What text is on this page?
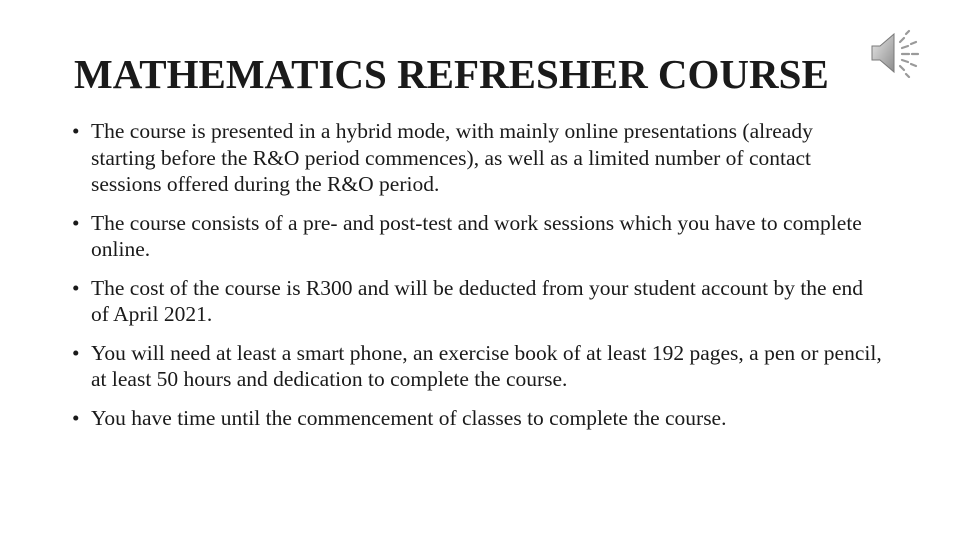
MATHEMATICS REFRESHER COURSE
• The course is presented in a hybrid mode, with mainly online presentations (already starting before the R&O period commences), as well as a limited number of contact sessions offered during the R&O period.
• The course consists of a pre- and post-test and work sessions which you have to complete online.
• The cost of the course is R300 and will be deducted from your student account by the end of April 2021.
• You will need at least a smart phone, an exercise book of at least 192 pages, a pen or pencil, at least 50 hours and dedication to complete the course.
• You have time until the commencement of classes to complete the course.
